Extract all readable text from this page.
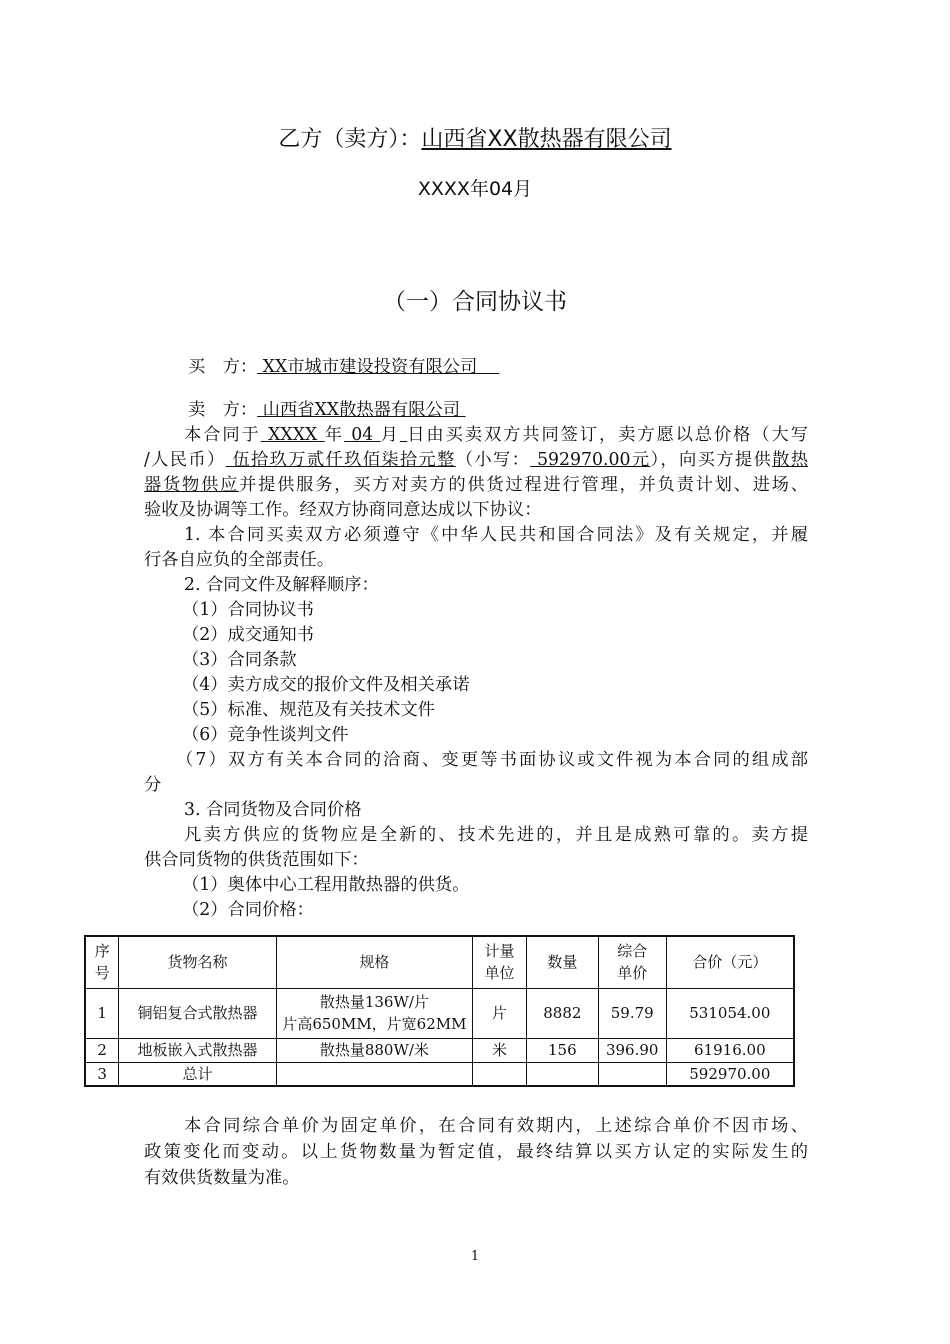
乙方（卖方）：山西省XX散热器有限公司
XXXX年04月
（一）合同协议书
买　方： XX市城市建设投资有限公司
卖　方： 山西省XX散热器有限公司
本合同于 XXXX 年 04 月 日由买卖双方共同签订，卖方愿以总价格（大写
/人民币） 伍拾玖万贰仟玖佰柒拾元整（小写： 592970.00元），向买方提供散热
器货物供应并提供服务，买方对卖方的供货过程进行管理，并负责计划、进场、
验收及协调等工作。经双方协商同意达成以下协议：
1. 本合同买卖双方必须遵守《中华人民共和国合同法》及有关规定，并履
行各自应负的全部责任。
2. 合同文件及解释顺序：
（1）合同协议书
（2）成交通知书
（3）合同条款
（4）卖方成交的报价文件及相关承诺
（5）标准、规范及有关技术文件
（6）竞争性谈判文件
（7）双方有关本合同的洽商、变更等书面协议或文件视为本合同的组成部
分
3. 合同货物及合同价格
凡卖方供应的货物应是全新的、技术先进的，并且是成熟可靠的。卖方提
供合同货物的供货范围如下：
（1）奥体中心工程用散热器的供货。
（2）合同价格：
序
号	货物名称	规格	计量
单位	数量	综合
单价	合价（元）
1	铜铝复合式散热器	散热量136W/片
片高650MM，片宽62MM	片	8882	59.79	531054.00
2	地板嵌入式散热器	散热量880W/米	米	156	396.90	61916.00
3	总计					592970.00
本合同综合单价为固定单价，在合同有效期内，上述综合单价不因市场、
政策变化而变动。以上货物数量为暂定值，最终结算以买方认定的实际发生的
有效供货数量为准。
1
